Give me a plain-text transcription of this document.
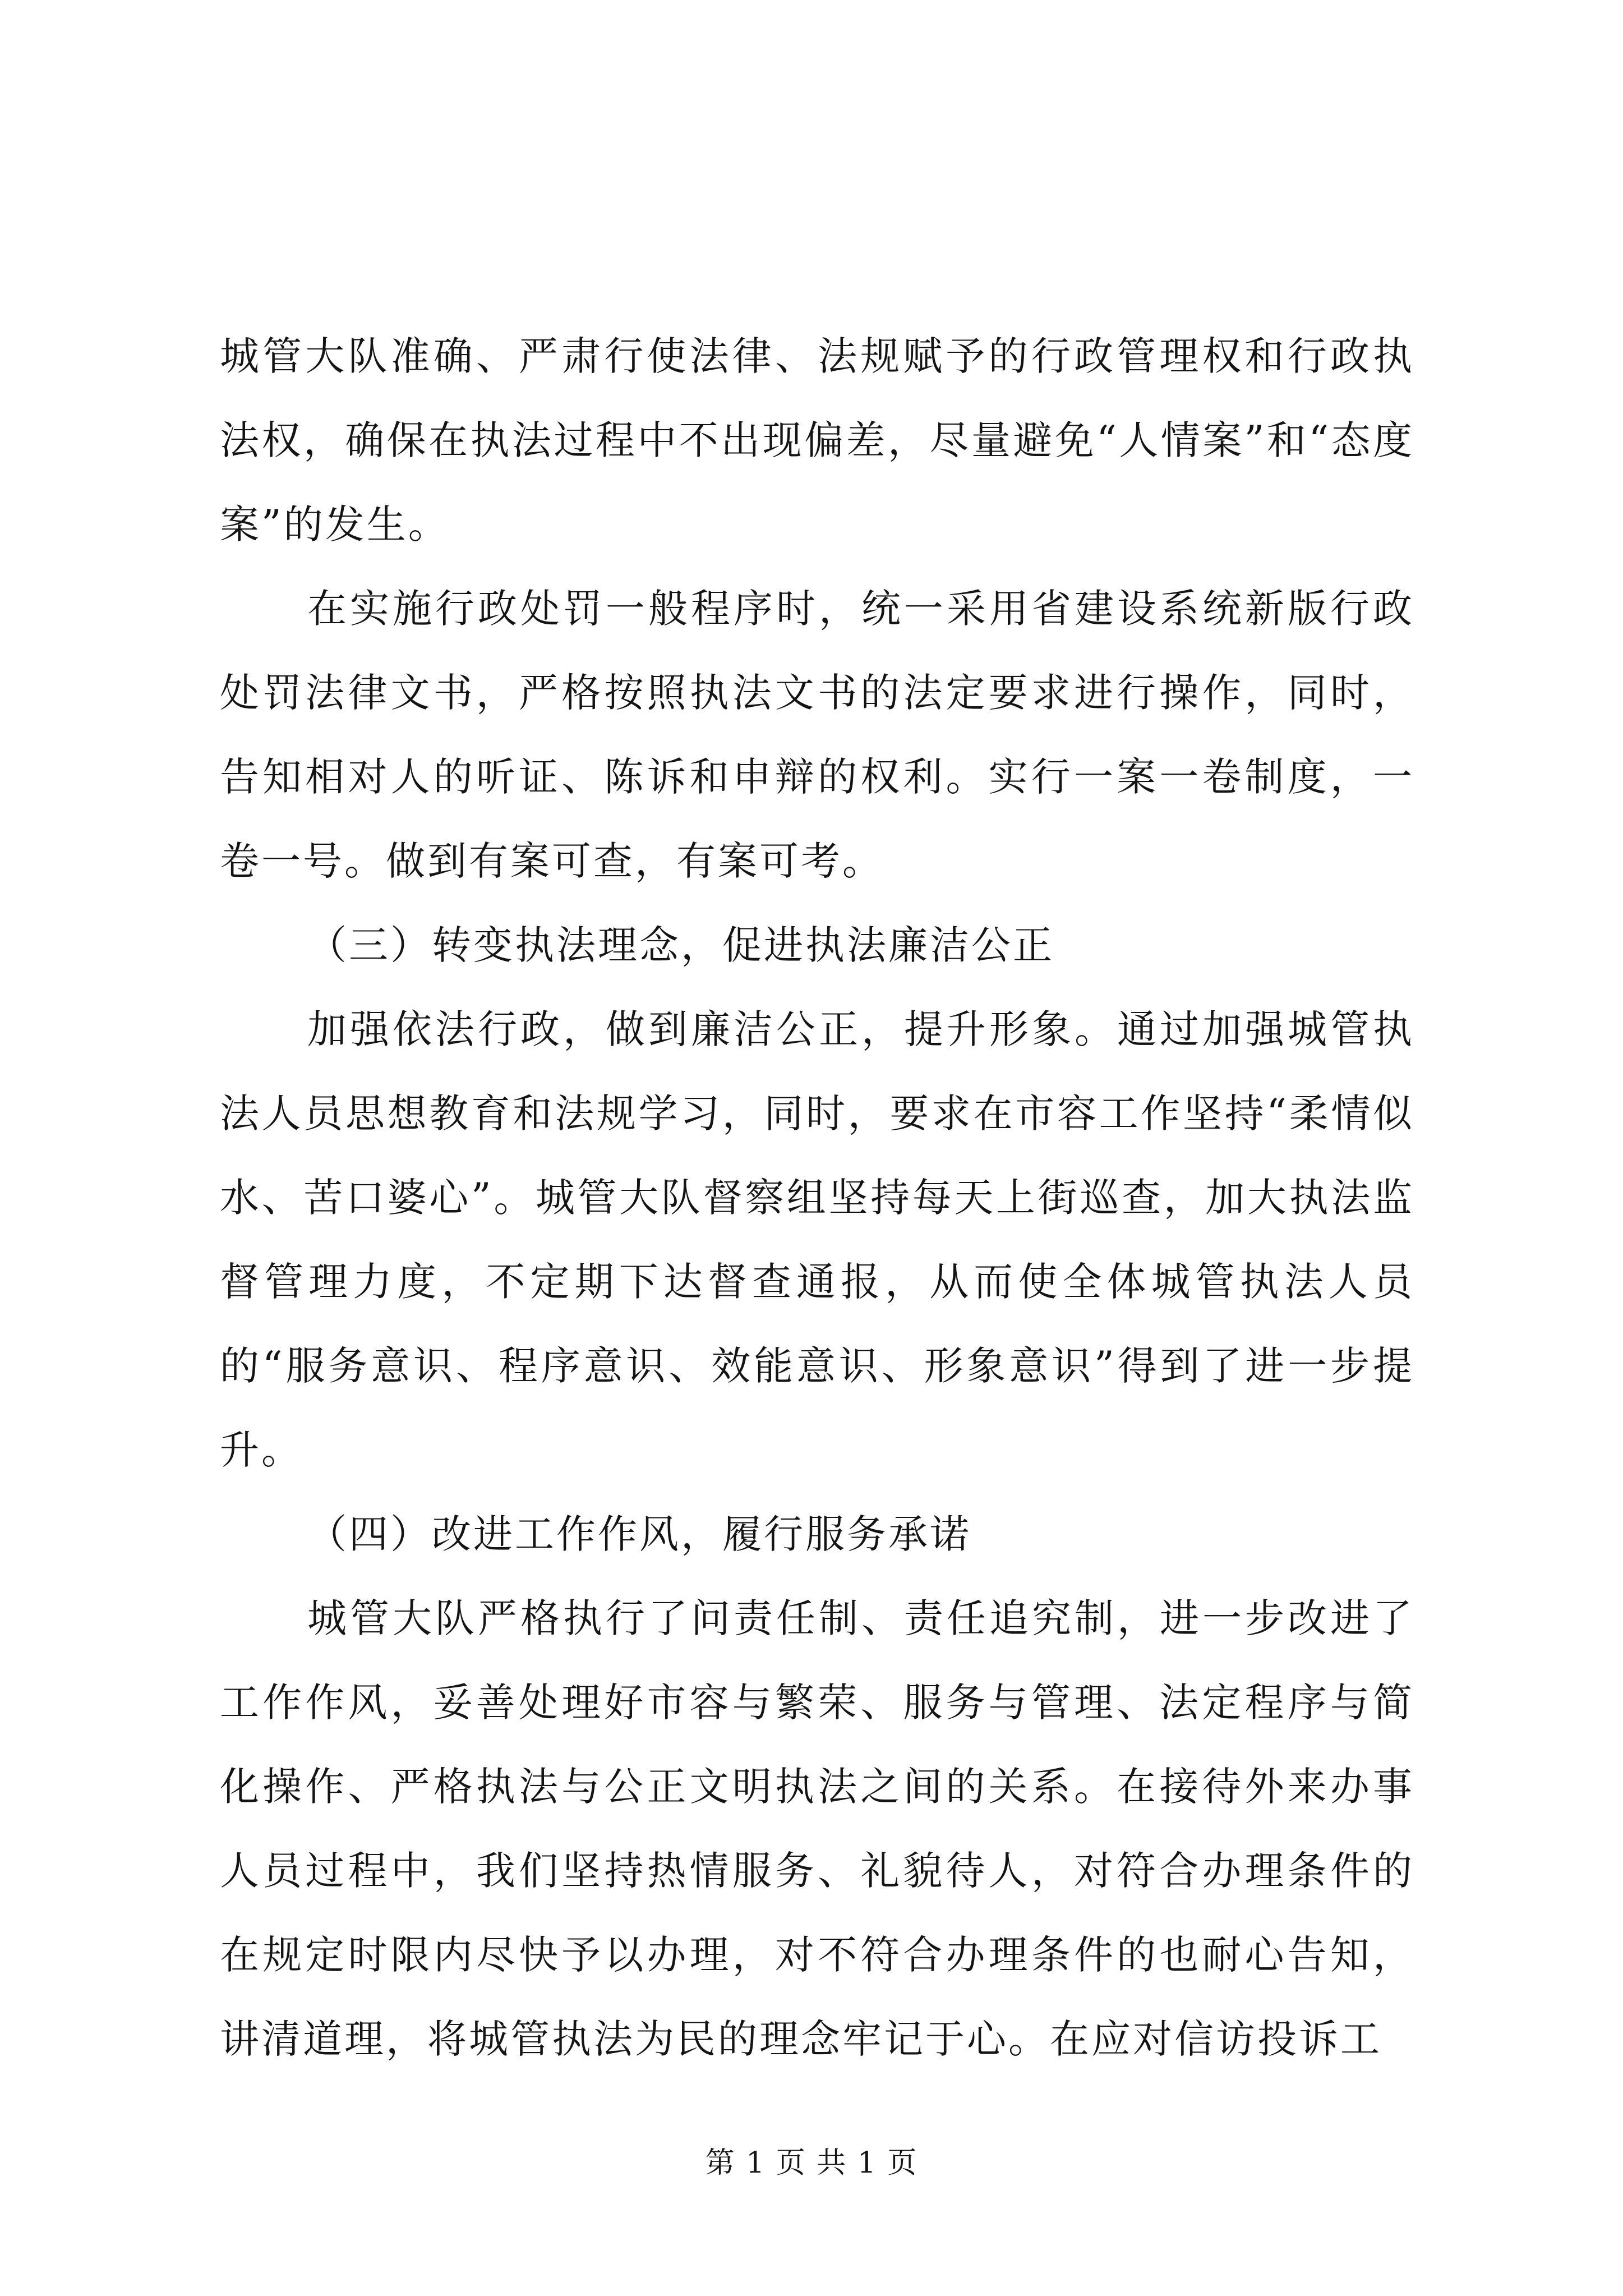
城管大队准确、严肃行使法律、法规赋予的行政管理权和行政执法权，确保在执法过程中不出现偏差，尽量避免“人情案”和“态度案”的发生。

在实施行政处罚一般程序时，统一采用省建设系统新版行政处罚法律文书，严格按照执法文书的法定要求进行操作，同时，告知相对人的听证、陈诉和申辩的权利。实行一案一卷制度，一卷一号。做到有案可查，有案可考。

（三）转变执法理念，促进执法廉洁公正

加强依法行政，做到廉洁公正，提升形象。通过加强城管执法人员思想教育和法规学习，同时，要求在市容工作坚持“柔情似水、苦口婆心”。城管大队督察组坚持每天上街巡查，加大执法监督管理力度，不定期下达督查通报，从而使全体城管执法人员的“服务意识、程序意识、效能意识、形象意识”得到了进一步提升。

（四）改进工作作风，履行服务承诺

城管大队严格执行了问责任制、责任追究制，进一步改进了工作作风，妥善处理好市容与繁荣、服务与管理、法定程序与简化操作、严格执法与公正文明执法之间的关系。在接待外来办事人员过程中，我们坚持热情服务、礼貌待人，对符合办理条件的在规定时限内尽快予以办理，对不符合办理条件的也耐心告知，讲清道理，将城管执法为民的理念牢记于心。在应对信访投诉工

第 1 页 共 1 页
